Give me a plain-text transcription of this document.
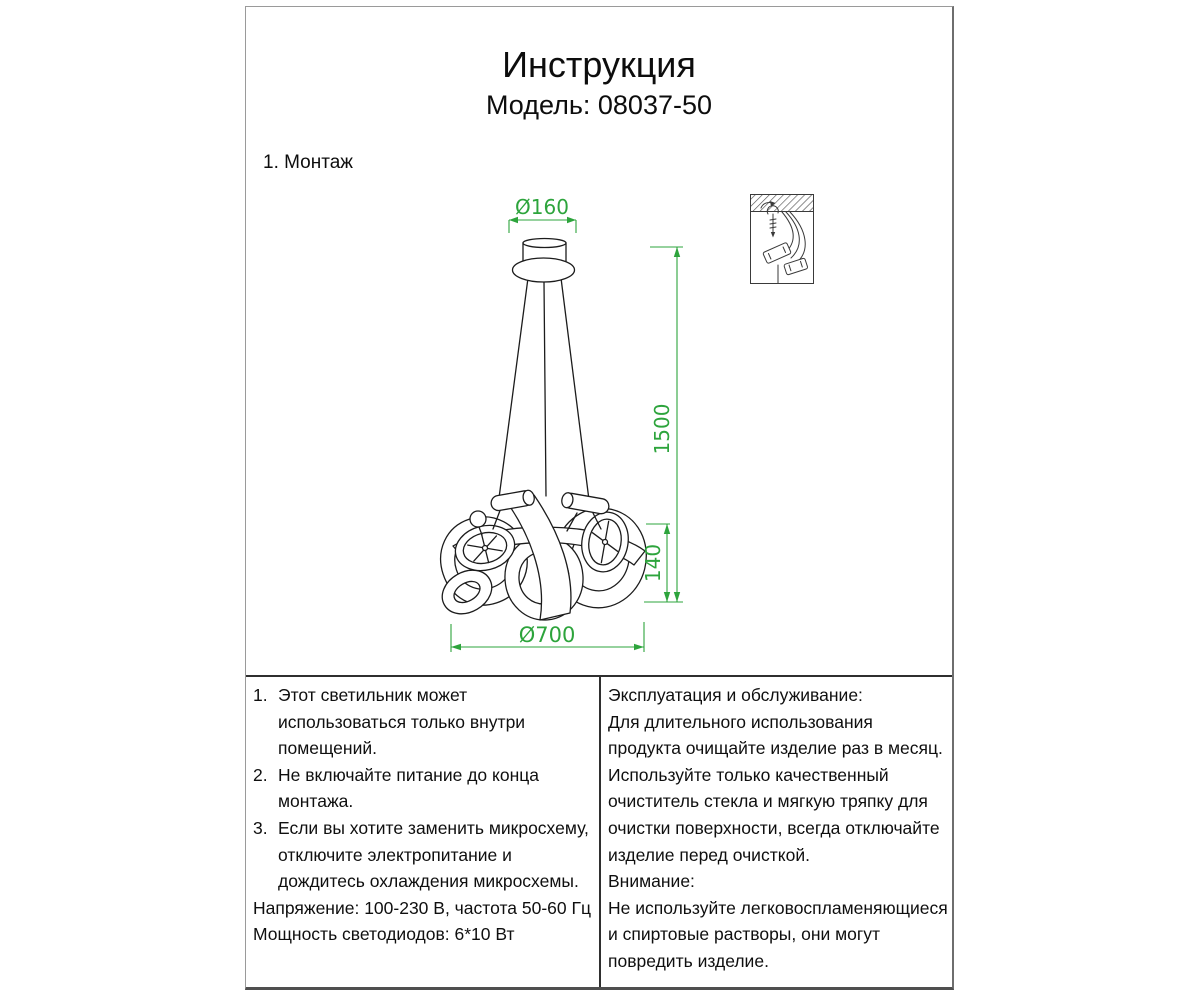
Ø160
1500
140
Ø700
Инструкция
Модель: 08037-50
1. Монтаж
1. Этот светильник может использоваться только внутри помещений.
2. Не включайте питание до конца монтажа.
3. Если вы хотите заменить микросхему, отключите электропитание и дождитесь охлаждения микросхемы.
Напряжение: 100-230 В, частота 50-60 Гц
Мощность светодиодов: 6*10 Вт
Эксплуатация и обслуживание:
Для длительного использования продукта очищайте изделие раз в месяц.
Используйте только качественный очиститель стекла и мягкую тряпку для очистки поверхности, всегда отключайте изделие перед очисткой.
Внимание:
Не используйте легковоспламеняющиеся и спиртовые растворы, они могут повредить изделие.
